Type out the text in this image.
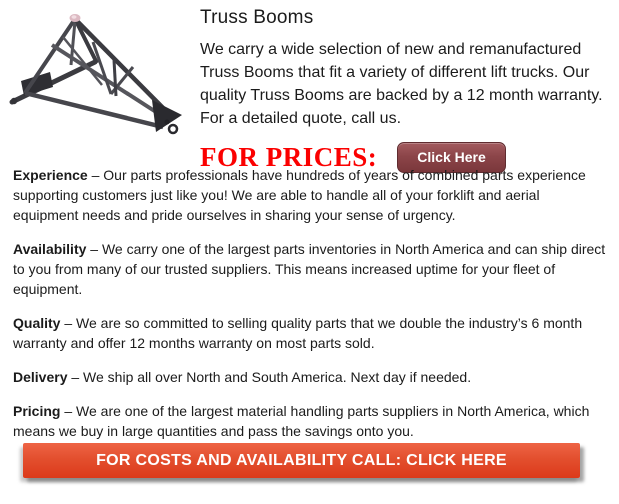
Truss Booms
We carry a wide selection of new and remanufactured Truss Booms that fit a variety of different lift trucks. Our quality Truss Booms are backed by a 12 month warranty. For a detailed quote, call us.
FOR PRICES:	Click Here

Experience – Our parts professionals have hundreds of years of combined parts experience supporting customers just like you! We are able to handle all of your forklift and aerial equipment needs and pride ourselves in sharing your sense of urgency.

Availability – We carry one of the largest parts inventories in North America and can ship direct to you from many of our trusted suppliers. This means increased uptime for your fleet of equipment.

Quality – We are so committed to selling quality parts that we double the industry’s 6 month warranty and offer 12 months warranty on most parts sold.

Delivery – We ship all over North and South America. Next day if needed.

Pricing – We are one of the largest material handling parts suppliers in North America, which means we buy in large quantities and pass the savings onto you.

FOR COSTS AND AVAILABILITY CALL: CLICK HERE
